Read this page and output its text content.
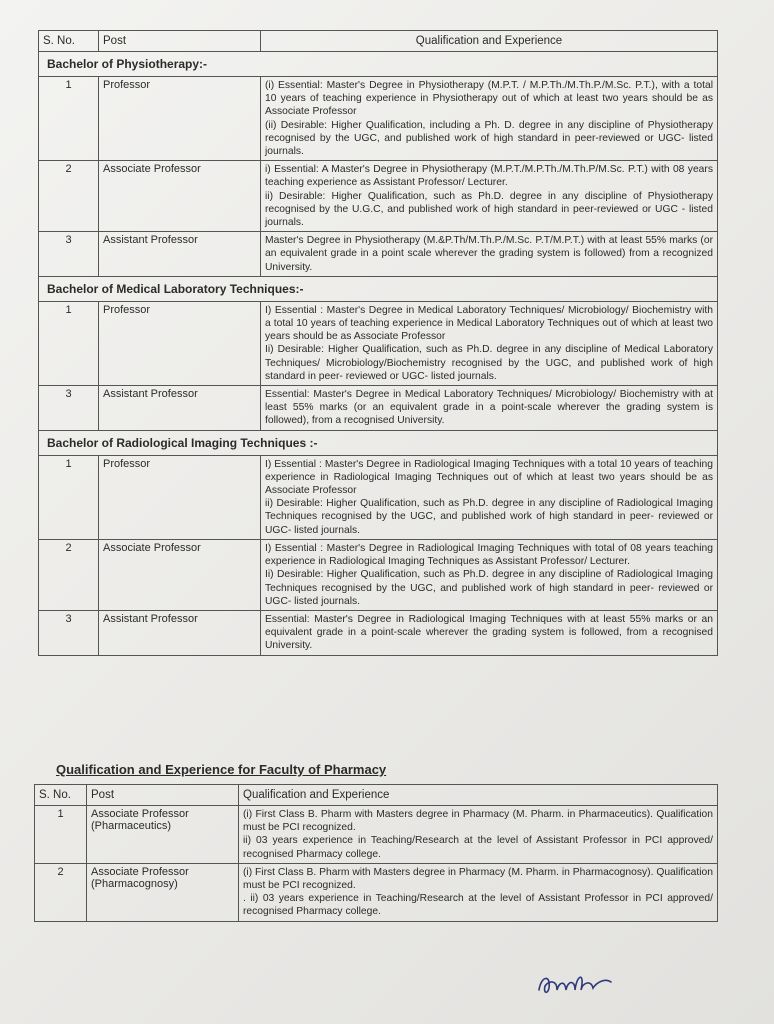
S. No.	Post	Qualification and Experience
Bachelor of Physiotherapy:-		
1	Professor	(i) Essential: Master's Degree in Physiotherapy (M.P.T. / M.P.Th./M.Th.P./M.Sc. P.T.), with a total 10 years of teaching experience in Physiotherapy out of which at least two years should be as Associate Professor
(ii) Desirable: Higher Qualification, including a Ph. D. degree in any discipline of Physiotherapy recognised by the UGC, and published work of high standard in peer-reviewed or UGC- listed journals.

2	Associate Professor	i) Essential: A Master's Degree in Physiotherapy (M.P.T./M.P.Th./M.Th.P/M.Sc. P.T.) with 08 years teaching experience as Assistant Professor/ Lecturer.
ii) Desirable: Higher Qualification, such as Ph.D. degree in any discipline of Physiotherapy recognised by the U.G.C, and published work of high standard in peer-reviewed or UGC - listed journals.

3	Assistant Professor	Master's Degree in Physiotherapy (M.&P.Th/M.Th.P./M.Sc. P.T/M.P.T.) with at least 55% marks (or an equivalent grade in a point scale wherever the grading system is followed) from a recognized University.

Bachelor of Medical Laboratory Techniques:-		
1	Professor	I) Essential : Master's Degree in Medical Laboratory Techniques/ Microbiology/ Biochemistry with a total 10 years of teaching experience in Medical Laboratory Techniques out of which at least two years should be as Associate Professor
Ii) Desirable: Higher Qualification, such as Ph.D. degree in any discipline of Medical Laboratory Techniques/ Microbiology/Biochemistry recognised by the UGC, and published work of high standard in peer- reviewed or UGC- listed journals.

3	Assistant Professor	Essential: Master's Degree in Medical Laboratory Techniques/ Microbiology/ Biochemistry with at least 55% marks (or an equivalent grade in a point-scale wherever the grading system is followed), from a recognised University.

Bachelor of Radiological Imaging Techniques :-		
1	Professor	I) Essential : Master's Degree in Radiological Imaging Techniques with a total 10 years of teaching experience in Radiological Imaging Techniques out of which at least two years should be as Associate Professor
ii) Desirable: Higher Qualification, such as Ph.D. degree in any discipline of Radiological Imaging Techniques recognised by the UGC, and published work of high standard in peer- reviewed or UGC- listed journals.

2	Associate Professor	I) Essential : Master's Degree in Radiological Imaging Techniques with total of 08 years teaching experience in Radiological Imaging Techniques as Assistant Professor/ Lecturer.
Ii) Desirable: Higher Qualification, such as Ph.D. degree in any discipline of Radiological Imaging Techniques recognised by the UGC, and published work of high standard in peer- reviewed or UGC- listed journals.

3	Assistant Professor	Essential: Master's Degree in Radiological Imaging Techniques with at least 55% marks or an equivalent grade in a point-scale wherever the grading system is followed, from a recognised University.
Qualification and Experience for Faculty of Pharmacy
S. No.	Post	Qualification and Experience
1	Associate Professor (Pharmaceutics)	(i) First Class B. Pharm with Masters degree in Pharmacy (M. Pharm. in Pharmaceutics). Qualification must be PCI recognized.
ii) 03 years experience in Teaching/Research at the level of Assistant Professor in PCI approved/ recognised Pharmacy college.

2	Associate Professor (Pharmacognosy)	(i) First Class B. Pharm with Masters degree in Pharmacy (M. Pharm. in Pharmacognosy). Qualification must be PCI recognized.
. ii) 03 years experience in Teaching/Research at the level of Assistant Professor in PCI approved/ recognised Pharmacy college.
